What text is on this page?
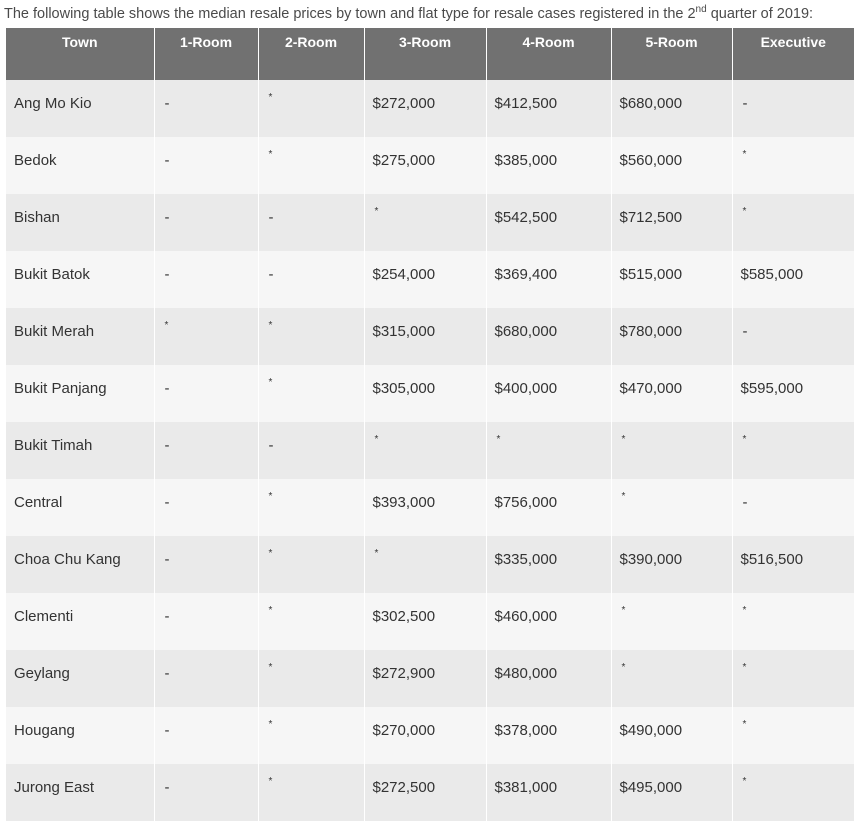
The following table shows the median resale prices by town and flat type for resale cases registered in the 2nd quarter of 2019:
Town	1-Room	2-Room	3-Room	4-Room	5-Room	Executive
Ang Mo Kio	-	*	$272,000	$412,500	$680,000	-
Bedok	-	*	$275,000	$385,000	$560,000	*
Bishan	-	-	*	$542,500	$712,500	*
Bukit Batok	-	-	$254,000	$369,400	$515,000	$585,000
Bukit Merah	*	*	$315,000	$680,000	$780,000	-
Bukit Panjang	-	*	$305,000	$400,000	$470,000	$595,000
Bukit Timah	-	-	*	*	*	*
Central	-	*	$393,000	$756,000	*	-
Choa Chu Kang	-	*	*	$335,000	$390,000	$516,500
Clementi	-	*	$302,500	$460,000	*	*
Geylang	-	*	$272,900	$480,000	*	*
Hougang	-	*	$270,000	$378,000	$490,000	*
Jurong East	-	*	$272,500	$381,000	$495,000	*
